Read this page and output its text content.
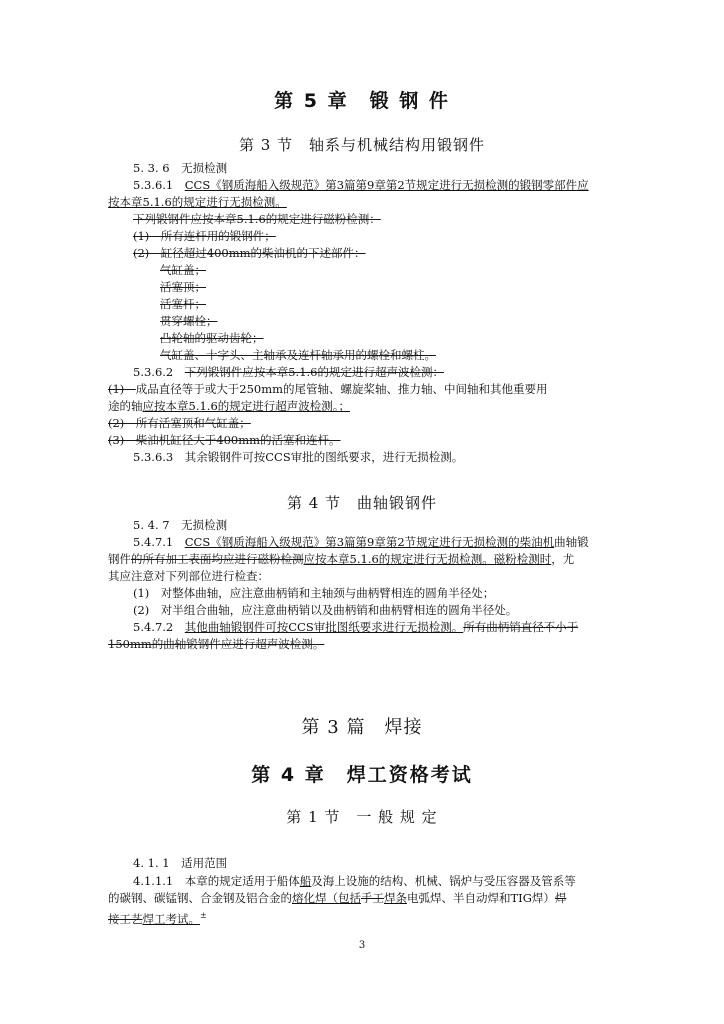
第 5 章　锻 钢 件
第 3 节　轴系与机械结构用锻钢件
5. 3. 6　无损检测
5.3.6.1　CCS《钢质海船入级规范》第3篇第9章第2节规定进行无损检测的锻钢零部件应
按本章5.1.6的规定进行无损检测。
下列锻钢件应按本章5.1.6的规定进行磁粉检测：
(1)　所有连杆用的锻钢件；
(2)　缸径超过400mm的柴油机的下述部件：
气缸盖；
活塞顶；
活塞杆；
贯穿螺栓；
凸轮轴的驱动齿轮；
气缸盖、十字头、主轴承及连杆轴承用的螺栓和螺柱。
5.3.6.2　下列锻钢件应按本章5.1.6的规定进行超声波检测：
(1)　 成品直径等于或大于250mm的尾管轴、螺旋桨轴、推力轴、中间轴和其他重要用
途的轴应按本章5.1.6的规定进行超声波检测。；
(2)　所有活塞顶和气缸盖；
(3)　柴油机缸径大于400mm的活塞和连杆。
5.3.6.3　其余锻钢件可按CCS审批的图纸要求，进行无损检测。
第 4 节　曲轴锻钢件
5. 4. 7　无损检测
5.4.7.1　CCS《钢质海船入级规范》第3篇第9章第2节规定进行无损检测的柴油机曲轴锻
钢件的所有加工表面均应进行磁粉检测应按本章5.1.6的规定进行无损检测。磁粉检测时，尤
其应注意对下列部位进行检查：
(1)　对整体曲轴，应注意曲柄销和主轴颈与曲柄臂相连的圆角半径处；
(2)　对半组合曲轴，应注意曲柄销以及曲柄销和曲柄臂相连的圆角半径处。
5.4.7.2　其他曲轴锻钢件可按CCS审批图纸要求进行无损检测。所有曲柄销直径不小于
150mm的曲轴锻钢件应进行超声波检测。
第 3 篇　焊接
第 4 章　焊工资格考试
第 1 节　一 般 规 定
4. 1. 1　适用范围
4.1.1.1　本章的规定适用于船体船及海上设施的结构、机械、锅炉与受压容器及管系等
的碳钢、碳锰钢、合金钢及铝合金的熔化焊（包括手工焊条电弧焊、半自动焊和TIG焊）焊
接工艺焊工考试。±
3
